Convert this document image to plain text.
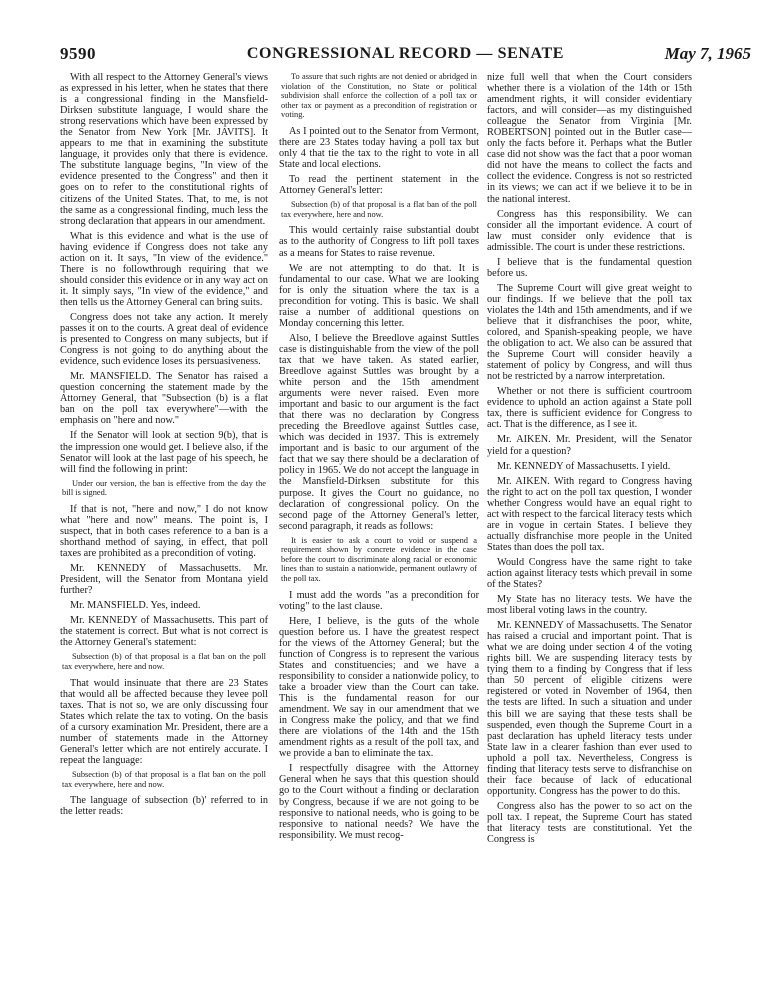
9590	CONGRESSIONAL RECORD — SENATE	May 7, 1965

With all respect to the Attorney General's views as expressed in his letter, when he states that there is a congressional finding in the Mansfield-Dirksen substitute language, I would share the strong reservations which have been expressed by the Senator from New York [Mr. JAVITS]. It appears to me that in examining the substitute language, it provides only that there is evidence. The substitute language begins, "In view of the evidence presented to the Congress" and then it goes on to refer to the constitutional rights of citizens of the United States. That, to me, is not the same as a congressional finding, much less the strong declaration that appears in our amendment.

What is this evidence and what is the use of having evidence if Congress does not take any action on it. It says, "In view of the evidence." There is no followthrough requiring that we should consider this evidence or in any way act on it. It simply says, "In view of the evidence," and then tells us the Attorney General can bring suits.

Congress does not take any action. It merely passes it on to the courts. A great deal of evidence is presented to Congress on many subjects, but if Congress is not going to do anything about the evidence, such evidence loses its persuasiveness.

Mr. MANSFIELD. The Senator has raised a question concerning the statement made by the Attorney General, that "Subsection (b) is a flat ban on the poll tax everywhere"—with the emphasis on "here and now."

If the Senator will look at section 9(b), that is the impression one would get. I believe also, if the Senator will look at the last page of his speech, he will find the following in print:

Under our version, the ban is effective from the day the bill is signed.

If that is not, "here and now," I do not know what "here and now" means. The point is, I suspect, that in both cases reference to a ban is a shorthand method of saying, in effect, that poll taxes are prohibited as a precondition of voting.

Mr. KENNEDY of Massachusetts. Mr. President, will the Senator from Montana yield further?

Mr. MANSFIELD. Yes, indeed.

Mr. KENNEDY of Massachusetts. This part of the statement is correct. But what is not correct is the Attorney General's statement:

Subsection (b) of that proposal is a flat ban on the poll tax everywhere, here and now.

That would insinuate that there are 23 States that would all be affected because they levee poll taxes. That is not so, we are only discussing four States which relate the tax to voting. On the basis of a cursory examination Mr. President, there are a number of statements made in the Attorney General's letter which are not entirely accurate. I repeat the language:

Subsection (b) of that proposal is a flat ban on the poll tax everywhere, here and now.

The language of subsection (b)' referred to in the letter reads:

To assure that such rights are not denied or abridged in violation of the Constitution, no State or political subdivision shall enforce the collection of a poll tax or other tax or payment as a precondition of registration or voting.

As I pointed out to the Senator from Vermont, there are 23 States today having a poll tax but only 4 that tie the tax to the right to vote in all State and local elections.

To read the pertinent statement in the Attorney General's letter:

Subsection (b) of that proposal is a flat ban of the poll tax everywhere, here and now.

This would certainly raise substantial doubt as to the authority of Congress to lift poll taxes as a means for States to raise revenue.

We are not attempting to do that. It is fundamental to our case. What we are looking for is only the situation where the tax is a precondition for voting. This is basic. We shall raise a number of additional questions on Monday concerning this letter.

Also, I believe the Breedlove against Suttles case is distinguishable from the view of the poll tax that we have taken. As stated earlier, Breedlove against Suttles was brought by a white person and the 15th amendment arguments were never raised. Even more important and basic to our argument is the fact that there was no declaration by Congress preceding the Breedlove against Suttles case, which was decided in 1937. This is extremely important and is basic to our argument of the fact that we say there should be a declaration of policy in 1965. We do not accept the language in the Mansfield-Dirksen substitute for this purpose. It gives the Court no guidance, no declaration of congressional policy. On the second page of the Attorney General's letter, second paragraph, it reads as follows:

It is easier to ask a court to void or suspend a requirement shown by concrete evidence in the case before the court to discriminate along racial or economic lines than to sustain a nationwide, permanent outlawry of the poll tax.

I must add the words "as a precondition for voting" to the last clause.

Here, I believe, is the guts of the whole question before us. I have the greatest respect for the views of the Attorney General; but the function of Congress is to represent the various States and constituencies; and we have a responsibility to consider a nationwide policy, to take a broader view than the Court can take. This is the fundamental reason for our amendment. We say in our amendment that we in Congress make the policy, and that we find there are violations of the 14th and the 15th amendment rights as a result of the poll tax, and we provide a ban to eliminate the tax.

I respectfully disagree with the Attorney General when he says that this question should go to the Court without a finding or declaration by Congress, because if we are not going to be responsive to national needs, who is going to be responsive to national needs? We have the responsibility. We must recog-

nize full well that when the Court considers whether there is a violation of the 14th or 15th amendment rights, it will consider evidentiary factors, and will consider—as my distinguished colleague the Senator from Virginia [Mr. ROBERTSON] pointed out in the Butler case—only the facts before it. Perhaps what the Butler case did not show was the fact that a poor woman did not have the means to collect the facts and collect the evidence. Congress is not so restricted in its views; we can act if we believe it to be in the national interest.

Congress has this responsibility. We can consider all the important evidence. A court of law must consider only evidence that is admissible. The court is under these restrictions.

I believe that is the fundamental question before us.

The Supreme Court will give great weight to our findings. If we believe that the poll tax violates the 14th and 15th amendments, and if we believe that it disfranchises the poor, white, colored, and Spanish-speaking people, we have the obligation to act. We also can be assured that the Supreme Court will consider heavily a statement of policy by Congress, and will thus not be restricted by a narrow interpretation.

Whether or not there is sufficient courtroom evidence to uphold an action against a State poll tax, there is sufficient evidence for Congress to act. That is the difference, as I see it.

Mr. AIKEN. Mr. President, will the Senator yield for a question?

Mr. KENNEDY of Massachusetts. I yield.

Mr. AIKEN. With regard to Congress having the right to act on the poll tax question, I wonder whether Congress would have an equal right to act with respect to the farcical literacy tests which are in vogue in certain States. I believe they actually disfranchise more people in the United States than does the poll tax.

Would Congress have the same right to take action against literacy tests which prevail in some of the States?

My State has no literacy tests. We have the most liberal voting laws in the country.

Mr. KENNEDY of Massachusetts. The Senator has raised a crucial and important point. That is what we are doing under section 4 of the voting rights bill. We are suspending literacy tests by tying them to a finding by Congress that if less than 50 percent of eligible citizens were registered or voted in November of 1964, then the tests are lifted. In such a situation and under this bill we are saying that these tests shall be suspended, even though the Supreme Court in a past declaration has upheld literacy tests under State law in a clearer fashion than ever used to uphold a poll tax. Nevertheless, Congress is finding that literacy tests serve to disfranchise on their face because of lack of educational opportunity. Congress has the power to do this.

Congress also has the power to so act on the poll tax. I repeat, the Supreme Court has stated that literacy tests are constitutional. Yet the Congress is
